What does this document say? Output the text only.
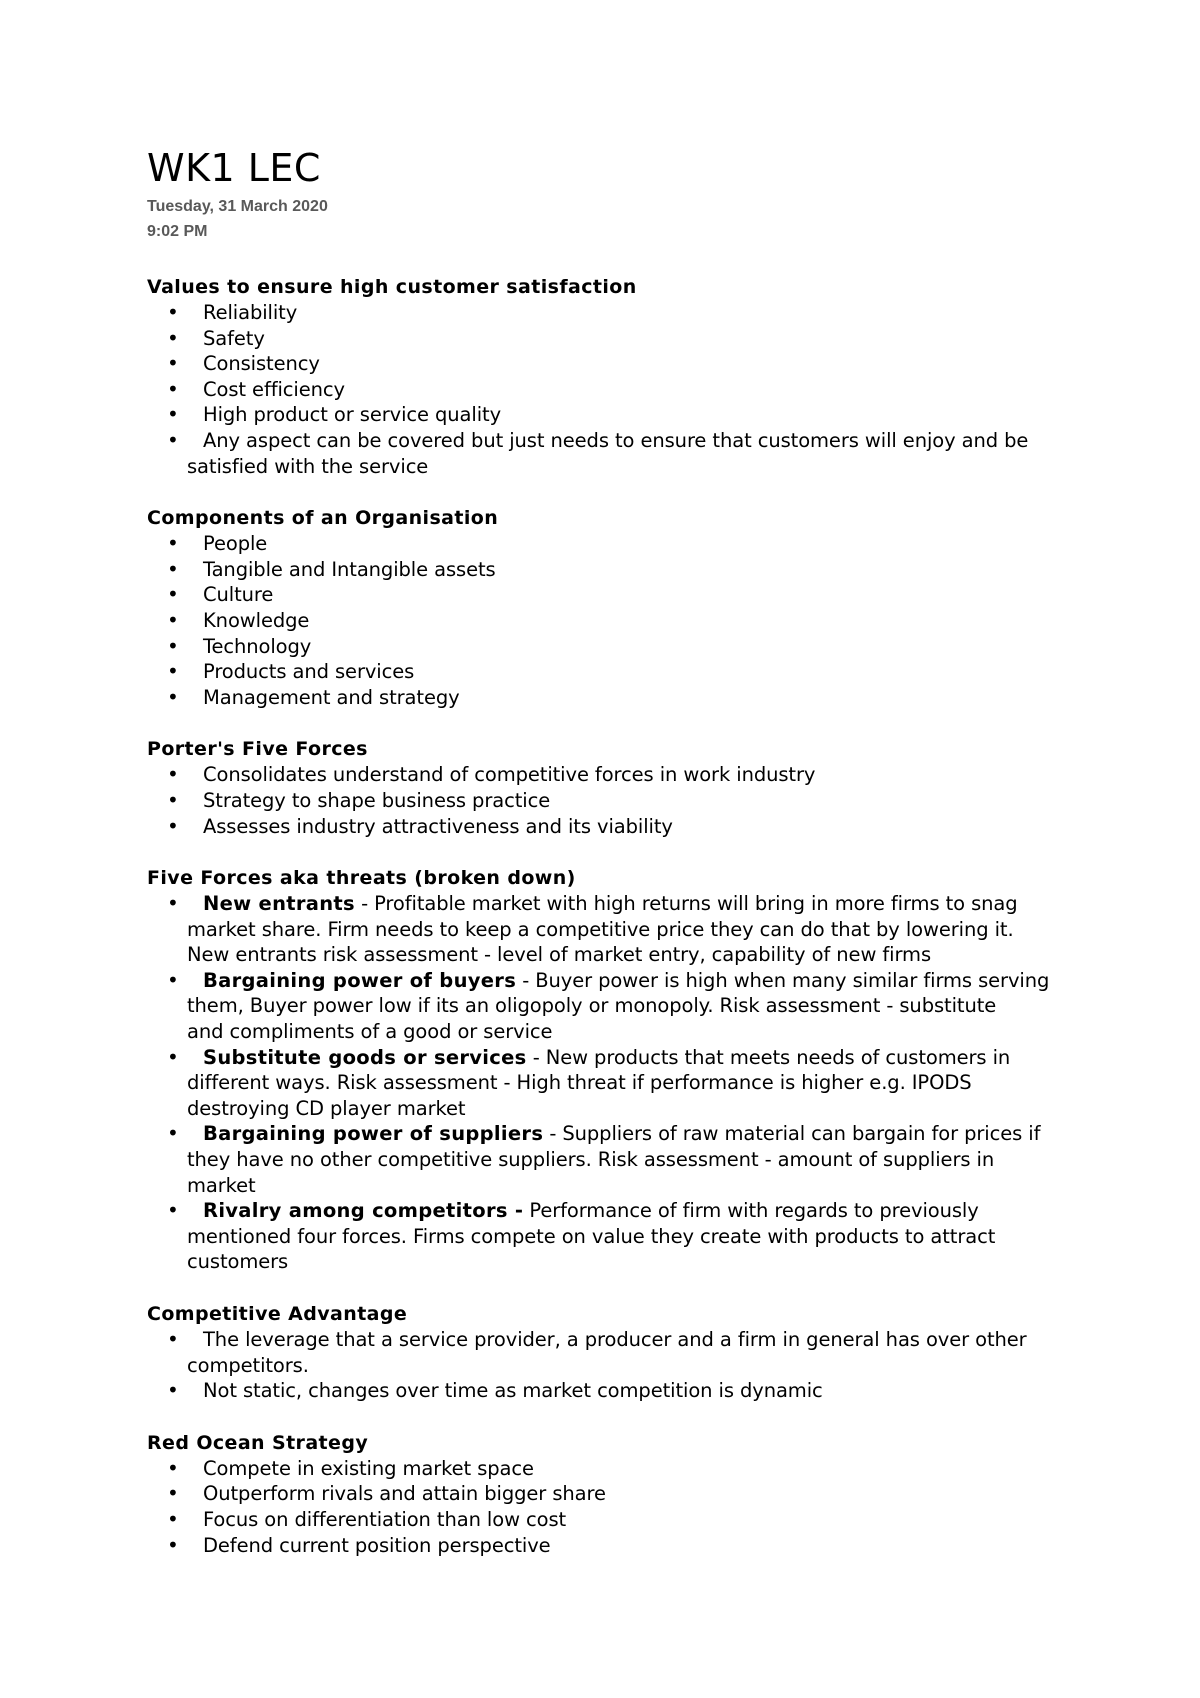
WK1 LEC
Tuesday, 31 March 2020
9:02 PM
Values to ensure high customer satisfaction
• Reliability
• Safety
• Consistency
• Cost efficiency
• High product or service quality
• Any aspect can be covered but just needs to ensure that customers will enjoy and be
satisfied with the service
Components of an Organisation
• People
• Tangible and Intangible assets
• Culture
• Knowledge
• Technology
• Products and services
• Management and strategy
Porter's Five Forces
• Consolidates understand of competitive forces in work industry
• Strategy to shape business practice
• Assesses industry attractiveness and its viability
Five Forces aka threats (broken down)
• New entrants - Profitable market with high returns will bring in more firms to snag
market share. Firm needs to keep a competitive price they can do that by lowering it.
New entrants risk assessment - level of market entry, capability of new firms
• Bargaining power of buyers - Buyer power is high when many similar firms serving
them, Buyer power low if its an oligopoly or monopoly. Risk assessment - substitute
and compliments of a good or service
• Substitute goods or services - New products that meets needs of customers in
different ways. Risk assessment - High threat if performance is higher e.g. IPODS
destroying CD player market
• Bargaining power of suppliers - Suppliers of raw material can bargain for prices if
they have no other competitive suppliers. Risk assessment - amount of suppliers in
market
• Rivalry among competitors - Performance of firm with regards to previously
mentioned four forces. Firms compete on value they create with products to attract
customers
Competitive Advantage
• The leverage that a service provider, a producer and a firm in general has over other
competitors.
• Not static, changes over time as market competition is dynamic
Red Ocean Strategy
• Compete in existing market space
• Outperform rivals and attain bigger share
• Focus on differentiation than low cost
• Defend current position perspective
